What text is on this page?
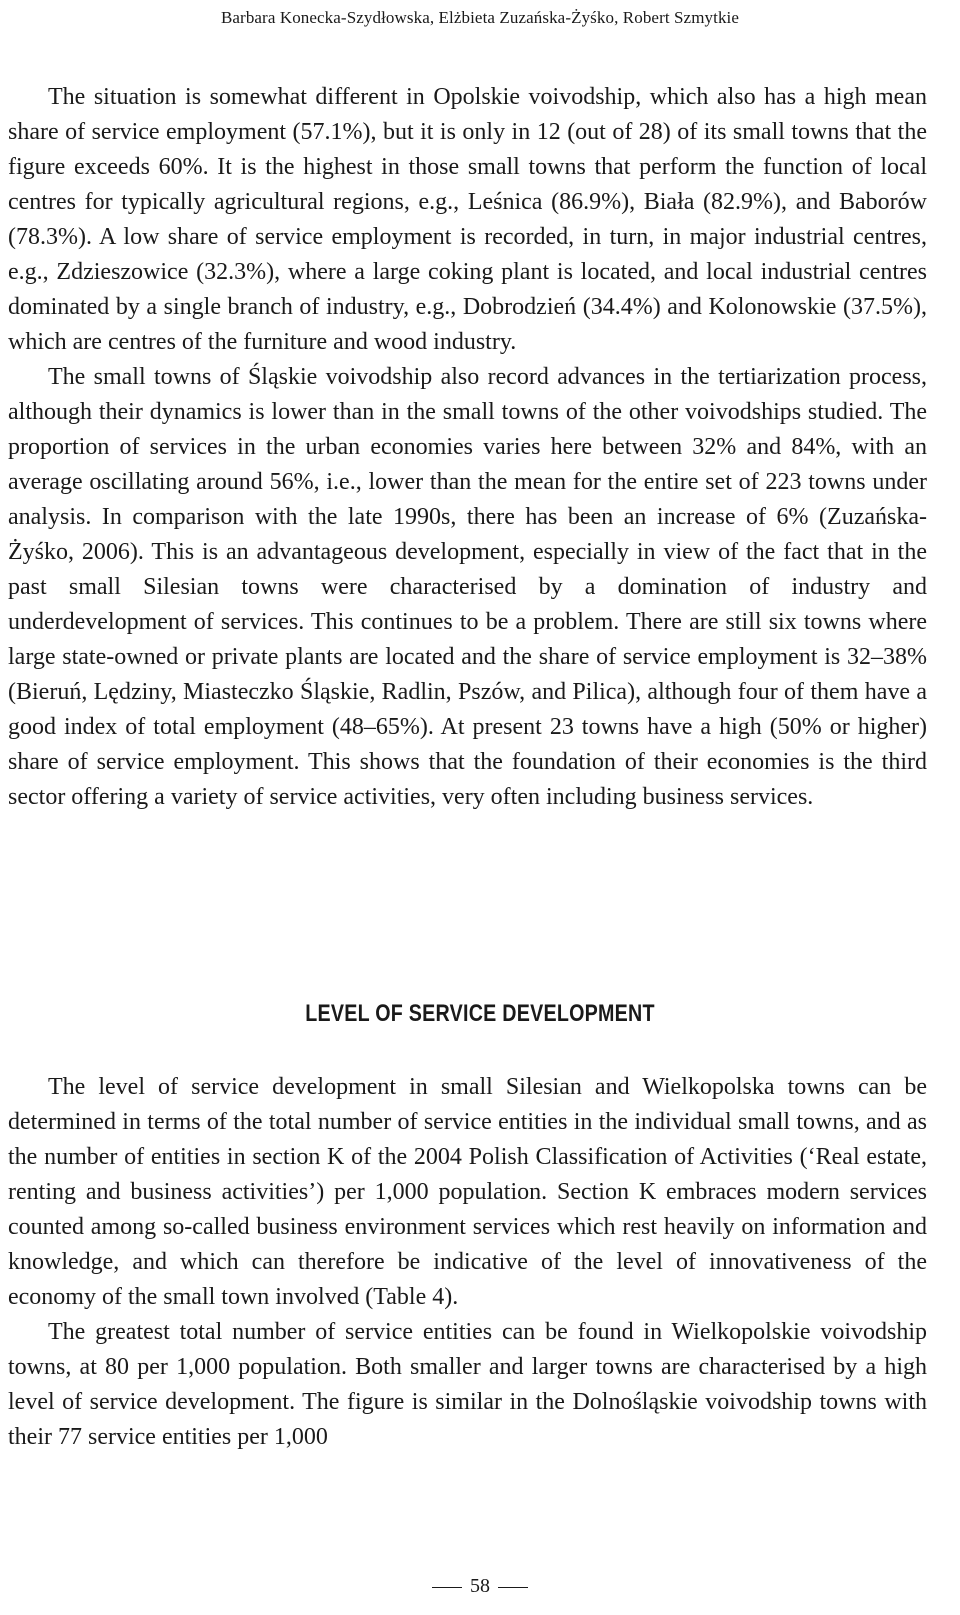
Barbara Konecka-Szydłowska, Elżbieta Zuzańska-Żyśko, Robert Szmytkie

The situation is somewhat different in Opolskie voivodship, which also has a high mean share of service employment (57.1%), but it is only in 12 (out of 28) of its small towns that the figure exceeds 60%. It is the highest in those small towns that perform the function of local centres for typically agricultural regions, e.g., Leśnica (86.9%), Biała (82.9%), and Baborów (78.3%). A low share of service employment is recorded, in turn, in major industrial centres, e.g., Zdzieszowice (32.3%), where a large coking plant is located, and local industrial centres dominated by a single branch of industry, e.g., Dobrodzień (34.4%) and Kolonowskie (37.5%), which are centres of the furniture and wood industry.

The small towns of Śląskie voivodship also record advances in the tertiarization process, although their dynamics is lower than in the small towns of the other voivodships studied. The proportion of services in the urban economies varies here between 32% and 84%, with an average oscillating around 56%, i.e., lower than the mean for the entire set of 223 towns under analysis. In comparison with the late 1990s, there has been an increase of 6% (Zuzańska-Żyśko, 2006). This is an advantageous development, especially in view of the fact that in the past small Silesian towns were characterised by a domination of industry and underdevelopment of services. This continues to be a problem. There are still six towns where large state-owned or private plants are located and the share of service employment is 32–38% (Bieruń, Lędziny, Miasteczko Śląskie, Radlin, Pszów, and Pilica), although four of them have a good index of total employment (48–65%). At present 23 towns have a high (50% or higher) share of service employment. This shows that the foundation of their economies is the third sector offering a variety of service activities, very often including business services.

LEVEL OF SERVICE DEVELOPMENT

The level of service development in small Silesian and Wielkopolska towns can be determined in terms of the total number of service entities in the individual small towns, and as the number of entities in section K of the 2004 Polish Classification of Activities (‘Real estate, renting and business activities’) per 1,000 population. Section K embraces modern services counted among so-called business environment services which rest heavily on information and knowledge, and which can therefore be indicative of the level of innovativeness of the economy of the small town involved (Table 4).

The greatest total number of service entities can be found in Wielkopolskie voivodship towns, at 80 per 1,000 population. Both smaller and larger towns are characterised by a high level of service development. The figure is similar in the Dolnośląskie voivodship towns with their 77 service entities per 1,000

58
